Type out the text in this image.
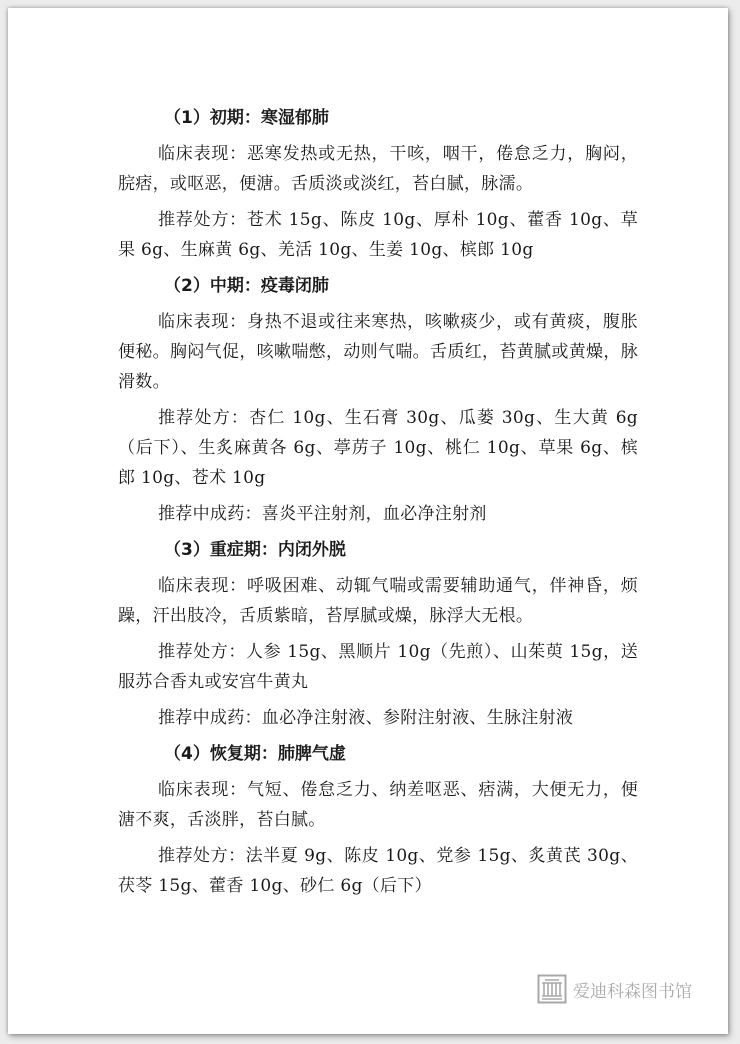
（1）初期：寒湿郁肺

临床表现：恶寒发热或无热，干咳，咽干，倦怠乏力，胸闷，脘痞，或呕恶，便溏。舌质淡或淡红，苔白腻，脉濡。

推荐处方：苍术 15g、陈皮 10g、厚朴 10g、藿香 10g、草果 6g、生麻黄 6g、羌活 10g、生姜 10g、槟郎 10g

（2）中期：疫毒闭肺

临床表现：身热不退或往来寒热，咳嗽痰少，或有黄痰，腹胀便秘。胸闷气促，咳嗽喘憋，动则气喘。舌质红，苔黄腻或黄燥，脉滑数。

推荐处方：杏仁 10g、生石膏 30g、瓜蒌 30g、生大黄 6g（后下）、生炙麻黄各 6g、葶苈子 10g、桃仁 10g、草果 6g、槟郎 10g、苍术 10g

推荐中成药：喜炎平注射剂，血必净注射剂

（3）重症期：内闭外脱

临床表现：呼吸困难、动辄气喘或需要辅助通气，伴神昏，烦躁，汗出肢冷，舌质紫暗，苔厚腻或燥，脉浮大无根。

推荐处方：人参 15g、黑顺片 10g（先煎）、山茱萸 15g，送服苏合香丸或安宫牛黄丸

推荐中成药：血必净注射液、参附注射液、生脉注射液

（4）恢复期：肺脾气虚

临床表现：气短、倦怠乏力、纳差呕恶、痞满，大便无力，便溏不爽，舌淡胖，苔白腻。

推荐处方：法半夏 9g、陈皮 10g、党参 15g、炙黄芪 30g、茯苓 15g、藿香 10g、砂仁 6g（后下）

爱迪科森图书馆
